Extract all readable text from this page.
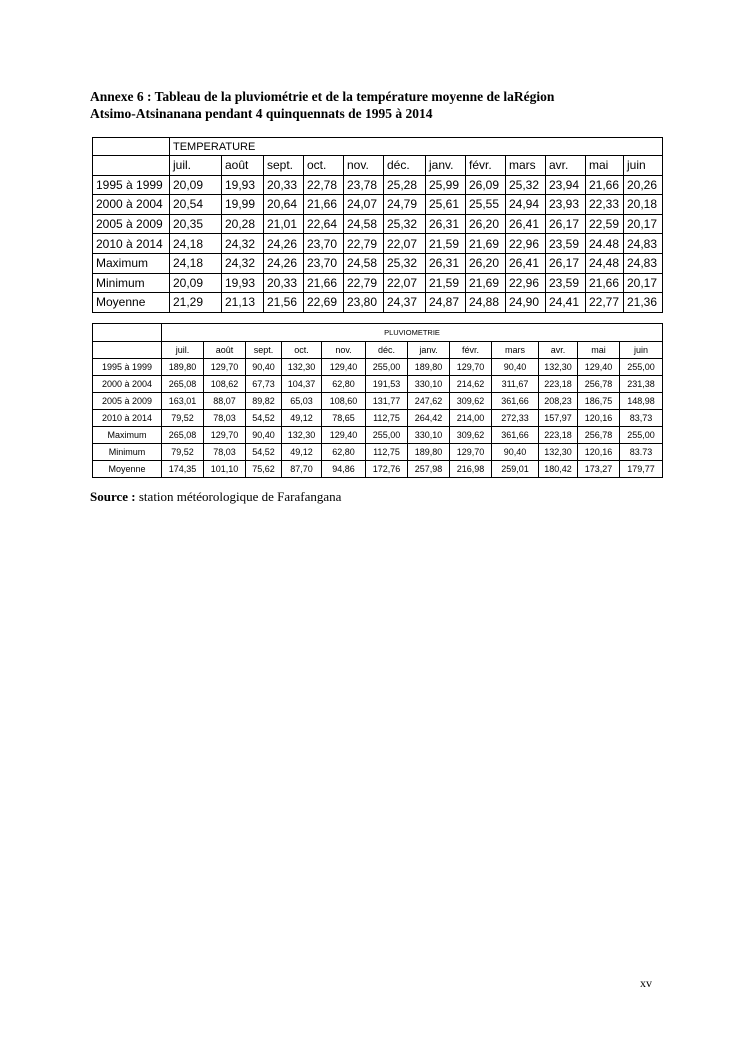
Annexe 6 : Tableau de la pluviométrie et de la température moyenne de laRégion
Atsimo-Atsinanana pendant 4 quinquennats de 1995 à 2014
	TEMPERATURE											
	juil.	août	sept.	oct.	nov.	déc.	janv.	févr.	mars	avr.	mai	juin
1995 à 1999	20,09	19,93	20,33	22,78	23,78	25,28	25,99	26,09	25,32	23,94	21,66	20,26
2000 à 2004	20,54	19,99	20,64	21,66	24,07	24,79	25,61	25,55	24,94	23,93	22,33	20,18
2005 à 2009	20,35	20,28	21,01	22,64	24,58	25,32	26,31	26,20	26,41	26,17	22,59	20,17
2010 à 2014	24,18	24,32	24,26	23,70	22,79	22,07	21,59	21,69	22,96	23,59	24.48	24,83
Maximum	24,18	24,32	24,26	23,70	24,58	25,32	26,31	26,20	26,41	26,17	24,48	24,83
Minimum	20,09	19,93	20,33	21,66	22,79	22,07	21,59	21,69	22,96	23,59	21,66	20,17
Moyenne	21,29	21,13	21,56	22,69	23,80	24,37	24,87	24,88	24,90	24,41	22,77	21,36
	PLUVIOMETRIE											
	juil.	août	sept.	oct.	nov.	déc.	janv.	févr.	mars	avr.	mai	juin
1995 à 1999	189,80	129,70	90,40	132,30	129,40	255,00	189,80	129,70	90,40	132,30	129,40	255,00
2000 à 2004	265,08	108,62	67,73	104,37	62,80	191,53	330,10	214,62	311,67	223,18	256,78	231,38
2005 à 2009	163,01	88,07	89,82	65,03	108,60	131,77	247,62	309,62	361,66	208,23	186,75	148,98
2010 à 2014	79,52	78,03	54,52	49,12	78,65	112,75	264,42	214,00	272,33	157,97	120,16	83,73
Maximum	265,08	129,70	90,40	132,30	129,40	255,00	330,10	309,62	361,66	223,18	256,78	255,00
Minimum	79,52	78,03	54,52	49,12	62,80	112,75	189,80	129,70	90,40	132,30	120,16	83.73
Moyenne	174,35	101,10	75,62	87,70	94,86	172,76	257,98	216,98	259,01	180,42	173,27	179,77
Source : station météorologique de Farafangana
xv
